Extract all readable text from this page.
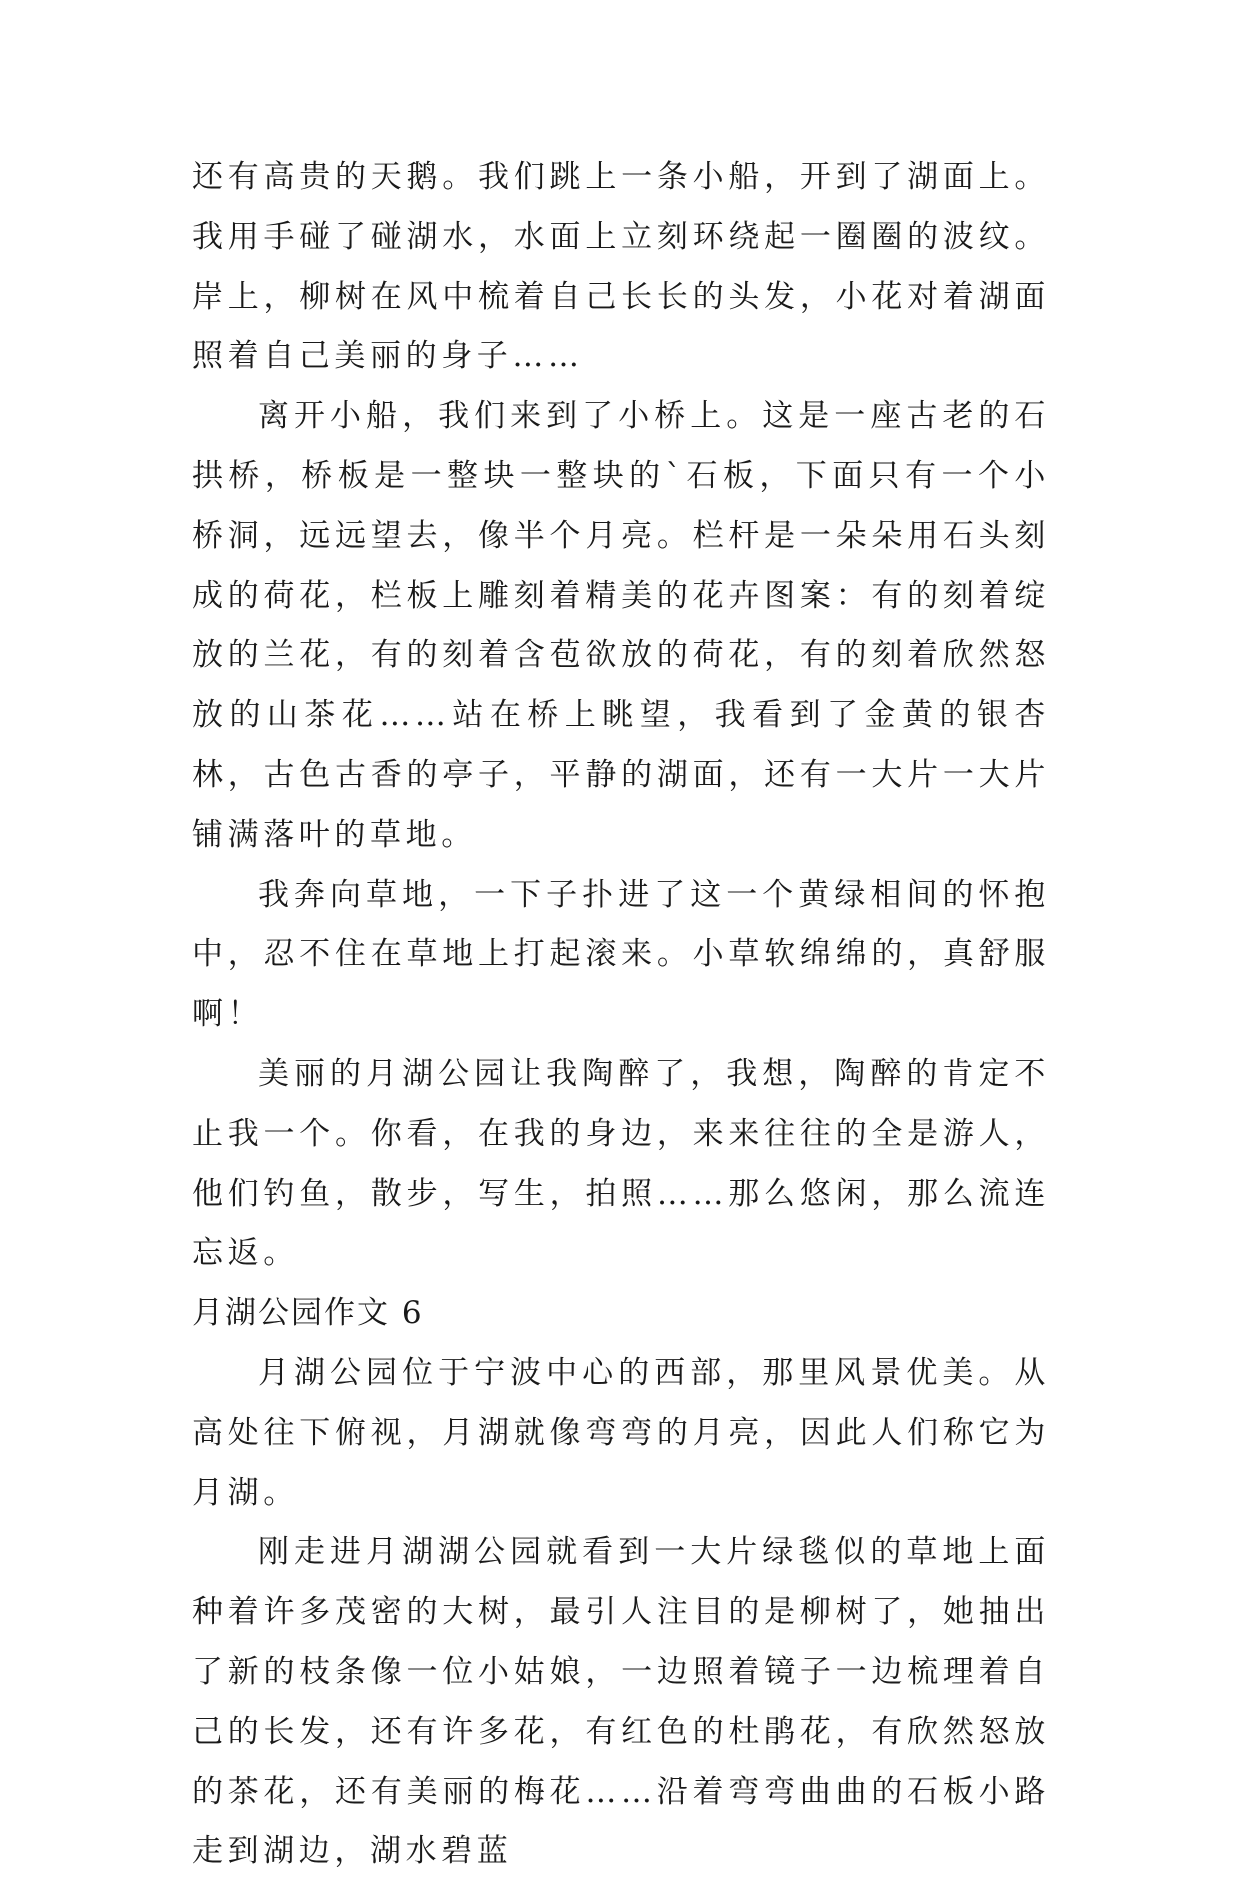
还有高贵的天鹅。我们跳上一条小船，开到了湖面上。我用手碰了碰湖水，水面上立刻环绕起一圈圈的波纹。岸上，柳树在风中梳着自己长长的头发，小花对着湖面照着自己美丽的身子……

离开小船，我们来到了小桥上。这是一座古老的石拱桥，桥板是一整块一整块的`石板，下面只有一个小桥洞，远远望去，像半个月亮。栏杆是一朵朵用石头刻成的荷花，栏板上雕刻着精美的花卉图案：有的刻着绽放的兰花，有的刻着含苞欲放的荷花，有的刻着欣然怒放的山茶花……站在桥上眺望，我看到了金黄的银杏林，古色古香的亭子，平静的湖面，还有一大片一大片铺满落叶的草地。

我奔向草地，一下子扑进了这一个黄绿相间的怀抱中，忍不住在草地上打起滚来。小草软绵绵的，真舒服啊！

美丽的月湖公园让我陶醉了，我想，陶醉的肯定不止我一个。你看，在我的身边，来来往往的全是游人，他们钓鱼，散步，写生，拍照……那么悠闲，那么流连忘返。

月湖公园作文 6

月湖公园位于宁波中心的西部，那里风景优美。从高处往下俯视，月湖就像弯弯的月亮，因此人们称它为月湖。

刚走进月湖湖公园就看到一大片绿毯似的草地上面种着许多茂密的大树，最引人注目的是柳树了，她抽出了新的枝条像一位小姑娘，一边照着镜子一边梳理着自己的长发，还有许多花，有红色的杜鹃花，有欣然怒放的茶花，还有美丽的梅花……沿着弯弯曲曲的石板小路走到湖边，湖水碧蓝
